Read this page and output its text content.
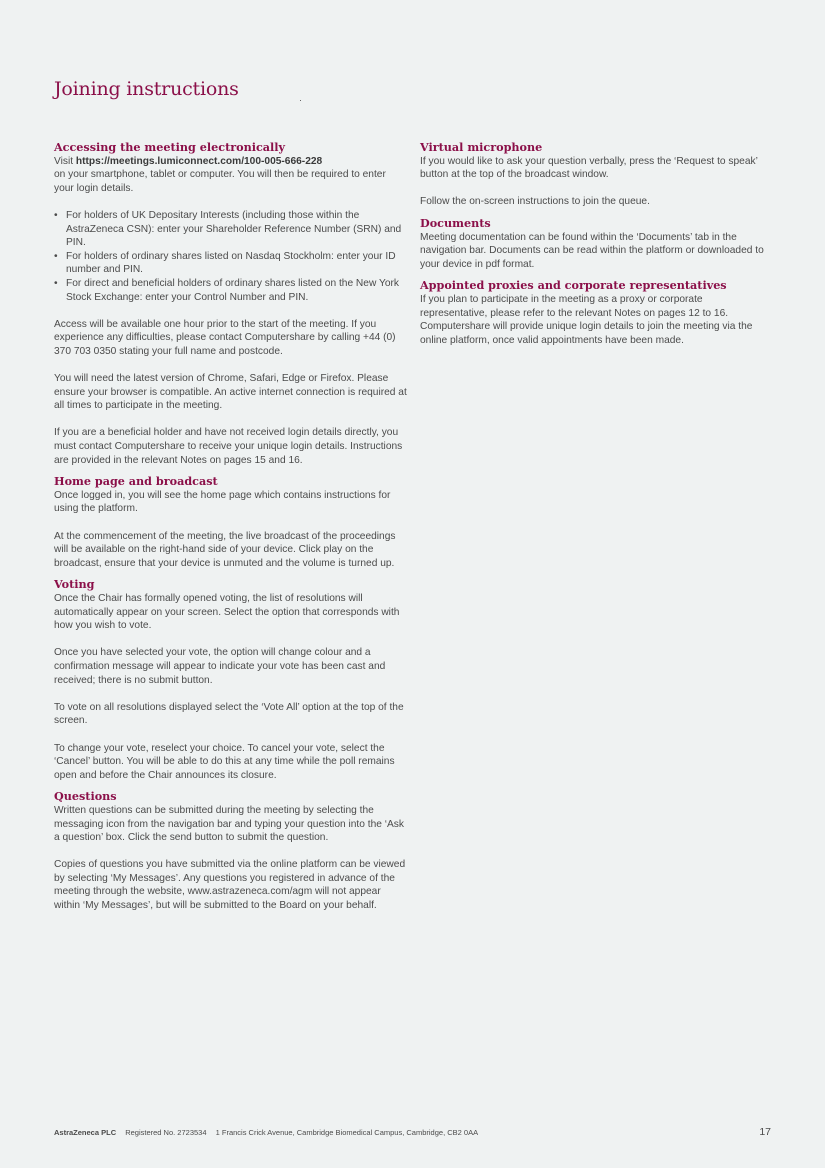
Joining instructions
Accessing the meeting electronically

Visit https://meetings.lumiconnect.com/100-005-666-228
on your smartphone, tablet or computer. You will then be required to enter your login details.

• For holders of UK Depositary Interests (including those within the AstraZeneca CSN): enter your Shareholder Reference Number (SRN) and PIN.
• For holders of ordinary shares listed on Nasdaq Stockholm: enter your ID number and PIN.
• For direct and beneficial holders of ordinary shares listed on the New York Stock Exchange: enter your Control Number and PIN.

Access will be available one hour prior to the start of the meeting. If you experience any difficulties, please contact Computershare by calling +44 (0) 370 703 0350 stating your full name and postcode.

You will need the latest version of Chrome, Safari, Edge or Firefox. Please ensure your browser is compatible. An active internet connection is required at all times to participate in the meeting.

If you are a beneficial holder and have not received login details directly, you must contact Computershare to receive your unique login details. Instructions are provided in the relevant Notes on pages 15 and 16.

Home page and broadcast

Once logged in, you will see the home page which contains instructions for using the platform.

At the commencement of the meeting, the live broadcast of the proceedings will be available on the right-hand side of your device. Click play on the broadcast, ensure that your device is unmuted and the volume is turned up.

Voting

Once the Chair has formally opened voting, the list of resolutions will automatically appear on your screen. Select the option that corresponds with how you wish to vote.

Once you have selected your vote, the option will change colour and a confirmation message will appear to indicate your vote has been cast and received; there is no submit button.

To vote on all resolutions displayed select the ‘Vote All’ option at the top of the screen.

To change your vote, reselect your choice. To cancel your vote, select the ‘Cancel’ button. You will be able to do this at any time while the poll remains open and before the Chair announces its closure.

Questions

Written questions can be submitted during the meeting by selecting the messaging icon from the navigation bar and typing your question into the ‘Ask a question’ box. Click the send button to submit the question.

Copies of questions you have submitted via the online platform can be viewed by selecting ‘My Messages’. Any questions you registered in advance of the meeting through the website, www.astrazeneca.com/agm will not appear within ‘My Messages’, but will be submitted to the Board on your behalf.

Virtual microphone

If you would like to ask your question verbally, press the ‘Request to speak’ button at the top of the broadcast window.

Follow the on-screen instructions to join the queue.

Documents

Meeting documentation can be found within the ‘Documents’ tab in the navigation bar. Documents can be read within the platform or downloaded to your device in pdf format.

Appointed proxies and corporate representatives

If you plan to participate in the meeting as a proxy or corporate representative, please refer to the relevant Notes on pages 12 to 16. Computershare will provide unique login details to join the meeting via the online platform, once valid appointments have been made.

AstraZeneca PLC Registered No. 2723534 1 Francis Crick Avenue, Cambridge Biomedical Campus, Cambridge, CB2 0AA	17
